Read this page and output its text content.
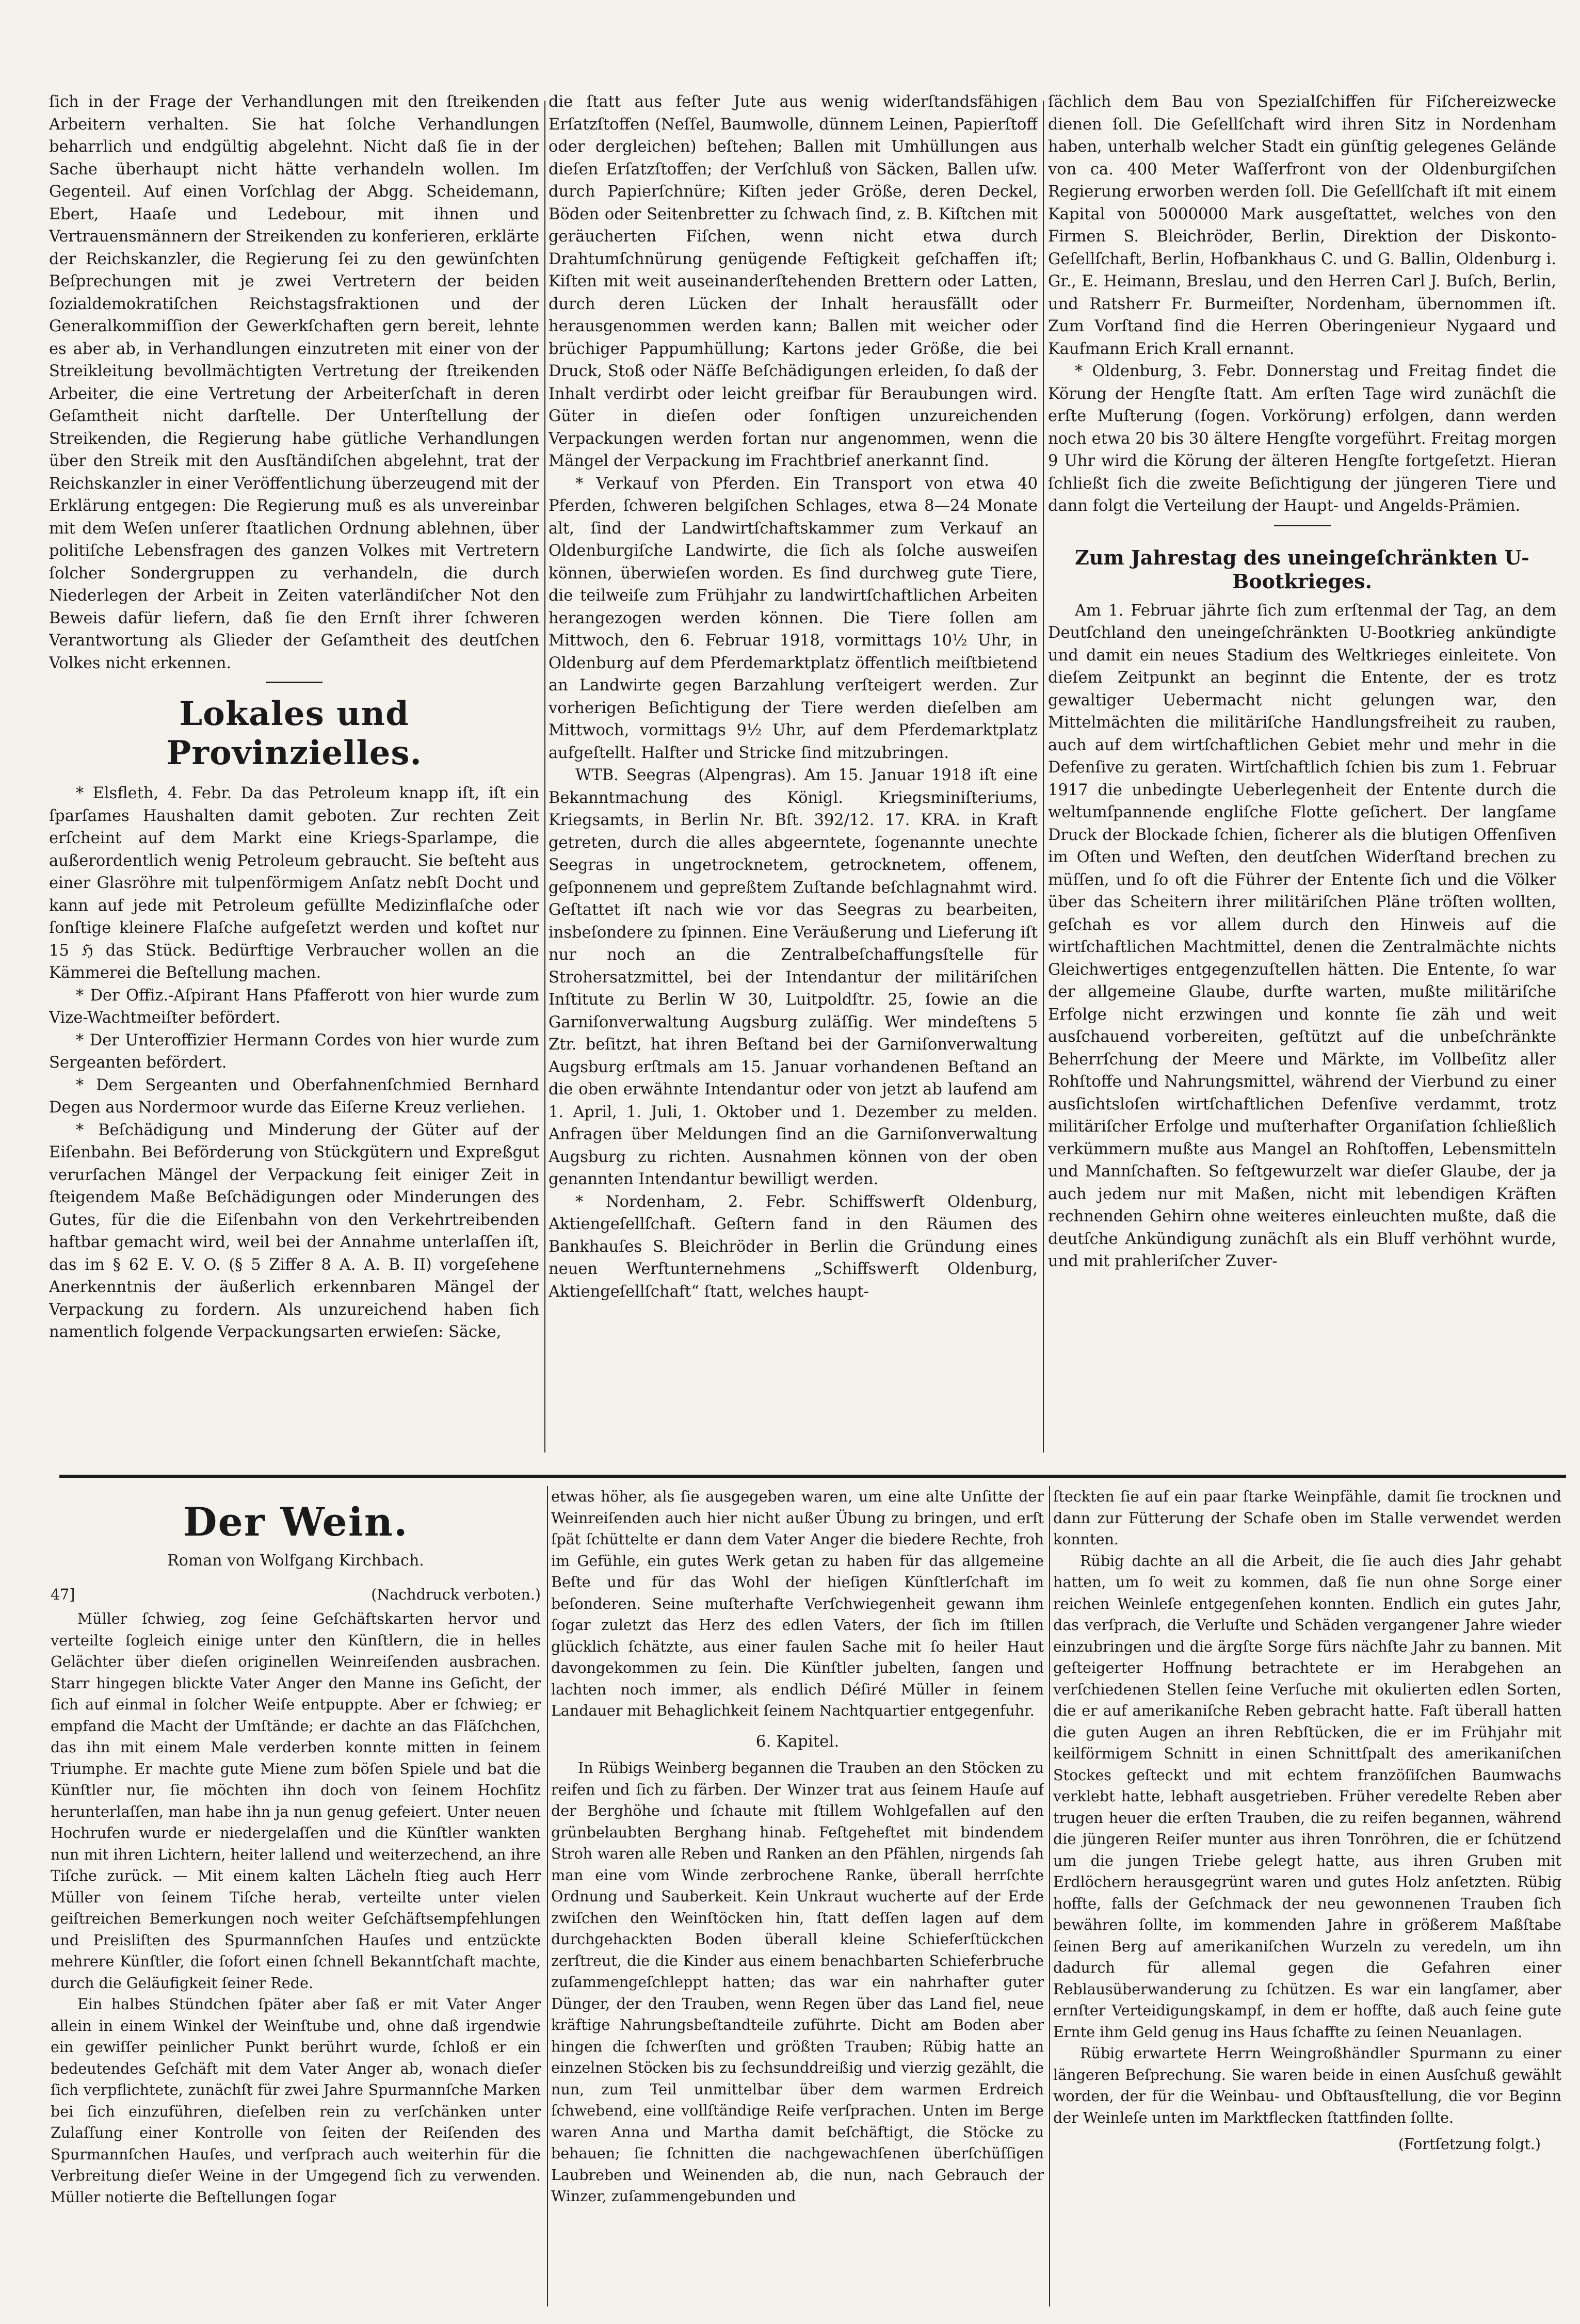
ſich in der Frage der Verhandlungen mit den ſtreikenden Arbeitern verhalten. Sie hat ſolche Verhandlungen beharrlich und endgültig abgelehnt. Nicht daß ſie in der Sache überhaupt nicht hätte verhandeln wollen. Im Gegenteil. Auf einen Vorſchlag der Abgg. Scheidemann, Ebert, Haaſe und Ledebour, mit ihnen und Vertrauensmännern der Streikenden zu konferieren, erklärte der Reichskanzler, die Regierung ſei zu den gewünſchten Beſprechungen mit je zwei Vertretern der beiden ſozialdemokratiſchen Reichstagsfraktionen und der Generalkommiſſion der Gewerkſchaften gern bereit, lehnte es aber ab, in Verhandlungen einzutreten mit einer von der Streikleitung bevollmächtigten Vertretung der ſtreikenden Arbeiter, die eine Vertretung der Arbeiterſchaft in deren Geſamtheit nicht darſtelle. Der Unterſtellung der Streikenden, die Regierung habe gütliche Verhandlungen über den Streik mit den Ausſtändiſchen abgelehnt, trat der Reichskanzler in einer Veröffentlichung überzeugend mit der Erklärung entgegen: Die Regierung muß es als unvereinbar mit dem Weſen unſerer ſtaatlichen Ordnung ablehnen, über politiſche Lebensfragen des ganzen Volkes mit Vertretern ſolcher Sondergruppen zu verhandeln, die durch Niederlegen der Arbeit in Zeiten vaterländiſcher Not den Beweis dafür liefern, daß ſie den Ernſt ihrer ſchweren Verantwortung als Glieder der Geſamtheit des deutſchen Volkes nicht erkennen.

Lokales und Provinzielles.

* Elsfleth, 4. Febr. Da das Petroleum knapp iſt, iſt ein ſparſames Haushalten damit geboten. Zur rechten Zeit erſcheint auf dem Markt eine Kriegs-Sparlampe, die außerordentlich wenig Petroleum gebraucht. Sie beſteht aus einer Glasröhre mit tulpenförmigem Anſatz nebſt Docht und kann auf jede mit Petroleum gefüllte Medizinflaſche oder ſonſtige kleinere Flaſche aufgeſetzt werden und koſtet nur 15 ℌ das Stück. Bedürftige Verbraucher wollen an die Kämmerei die Beſtellung machen.

* Der Offiz.-Aſpirant Hans Pfafferott von hier wurde zum Vize-Wachtmeiſter befördert.

* Der Unteroffizier Hermann Cordes von hier wurde zum Sergeanten befördert.

* Dem Sergeanten und Oberfahnenſchmied Bernhard Degen aus Nordermoor wurde das Eiſerne Kreuz verliehen.

* Beſchädigung und Minderung der Güter auf der Eiſenbahn. Bei Beförderung von Stückgütern und Expreßgut verurſachen Mängel der Verpackung ſeit einiger Zeit in ſteigendem Maße Beſchädigungen oder Minderungen des Gutes, für die die Eiſenbahn von den Verkehrtreibenden haftbar gemacht wird, weil bei der Annahme unterlaſſen iſt, das im § 62 E. V. O. (§ 5 Ziffer 8 A. A. B. II) vorgeſehene Anerkenntnis der äußerlich erkennbaren Mängel der Verpackung zu fordern. Als unzureichend haben ſich namentlich folgende Verpackungsarten erwieſen: Säcke,

die ſtatt aus feſter Jute aus wenig widerſtandsfähigen Erſatzſtoffen (Neſſel, Baumwolle, dünnem Leinen, Papierſtoff oder dergleichen) beſtehen; Ballen mit Umhüllungen aus dieſen Erſatzſtoffen; der Verſchluß von Säcken, Ballen uſw. durch Papierſchnüre; Kiſten jeder Größe, deren Deckel, Böden oder Seitenbretter zu ſchwach ſind, z. B. Kiſtchen mit geräucherten Fiſchen, wenn nicht etwa durch Drahtumſchnürung genügende Feſtigkeit geſchaffen iſt; Kiſten mit weit auseinanderſtehenden Brettern oder Latten, durch deren Lücken der Inhalt herausfällt oder herausgenommen werden kann; Ballen mit weicher oder brüchiger Pappumhüllung; Kartons jeder Größe, die bei Druck, Stoß oder Näſſe Beſchädigungen erleiden, ſo daß der Inhalt verdirbt oder leicht greifbar für Beraubungen wird. Güter in dieſen oder ſonſtigen unzureichenden Verpackungen werden fortan nur angenommen, wenn die Mängel der Verpackung im Frachtbrief anerkannt ſind.

* Verkauf von Pferden. Ein Transport von etwa 40 Pferden, ſchweren belgiſchen Schlages, etwa 8—24 Monate alt, ſind der Landwirtſchaftskammer zum Verkauf an Oldenburgiſche Landwirte, die ſich als ſolche ausweiſen können, überwieſen worden. Es ſind durchweg gute Tiere, die teilweiſe zum Frühjahr zu landwirtſchaftlichen Arbeiten herangezogen werden können. Die Tiere ſollen am Mittwoch, den 6. Februar 1918, vormittags 10½ Uhr, in Oldenburg auf dem Pferdemarktplatz öffentlich meiſtbietend an Landwirte gegen Barzahlung verſteigert werden. Zur vorherigen Beſichtigung der Tiere werden dieſelben am Mittwoch, vormittags 9½ Uhr, auf dem Pferdemarktplatz aufgeſtellt. Halfter und Stricke ſind mitzubringen.

WTB. Seegras (Alpengras). Am 15. Januar 1918 iſt eine Bekanntmachung des Königl. Kriegsminiſteriums, Kriegsamts, in Berlin Nr. Bſt. 392/12. 17. KRA. in Kraft getreten, durch die alles abgeerntete, ſogenannte unechte Seegras in ungetrocknetem, getrocknetem, offenem, geſponnenem und gepreßtem Zuſtande beſchlagnahmt wird. Geſtattet iſt nach wie vor das Seegras zu bearbeiten, insbeſondere zu ſpinnen. Eine Veräußerung und Lieferung iſt nur noch an die Zentralbeſchaffungsſtelle für Strohersatzmittel, bei der Intendantur der militäriſchen Inſtitute zu Berlin W 30, Luitpoldſtr. 25, ſowie an die Garniſonverwaltung Augsburg zuläſſig. Wer mindeſtens 5 Ztr. beſitzt, hat ihren Beſtand bei der Garniſonverwaltung Augsburg erſtmals am 15. Januar vorhandenen Beſtand an die oben erwähnte Intendantur oder von jetzt ab laufend am 1. April, 1. Juli, 1. Oktober und 1. Dezember zu melden. Anfragen über Meldungen ſind an die Garniſonverwaltung Augsburg zu richten. Ausnahmen können von der oben genannten Intendantur bewilligt werden.

* Nordenham, 2. Febr. Schiffswerft Oldenburg, Aktiengeſellſchaft. Geſtern fand in den Räumen des Bankhauſes S. Bleichröder in Berlin die Gründung eines neuen Werftunternehmens „Schiffswerft Oldenburg, Aktiengeſellſchaft“ ſtatt, welches haupt-

ſächlich dem Bau von Spezialſchiffen für Fiſchereizwecke dienen ſoll. Die Geſellſchaft wird ihren Sitz in Nordenham haben, unterhalb welcher Stadt ein günſtig gelegenes Gelände von ca. 400 Meter Waſſerfront von der Oldenburgiſchen Regierung erworben werden ſoll. Die Geſellſchaft iſt mit einem Kapital von 5000000 Mark ausgeſtattet, welches von den Firmen S. Bleichröder, Berlin, Direktion der Diskonto-Geſellſchaft, Berlin, Hofbankhaus C. und G. Ballin, Oldenburg i. Gr., E. Heimann, Breslau, und den Herren Carl J. Buſch, Berlin, und Ratsherr Fr. Burmeiſter, Nordenham, übernommen iſt. Zum Vorſtand ſind die Herren Oberingenieur Nygaard und Kaufmann Erich Krall ernannt.

* Oldenburg, 3. Febr. Donnerstag und Freitag findet die Körung der Hengſte ſtatt. Am erſten Tage wird zunächſt die erſte Muſterung (ſogen. Vorkörung) erfolgen, dann werden noch etwa 20 bis 30 ältere Hengſte vorgeführt. Freitag morgen 9 Uhr wird die Körung der älteren Hengſte fortgeſetzt. Hieran ſchließt ſich die zweite Beſichtigung der jüngeren Tiere und dann folgt die Verteilung der Haupt- und Angelds-Prämien.

Zum Jahrestag des uneingeſchränkten U-Bootkrieges.

Am 1. Februar jährte ſich zum erſtenmal der Tag, an dem Deutſchland den uneingeſchränkten U-Bootkrieg ankündigte und damit ein neues Stadium des Weltkrieges einleitete. Von dieſem Zeitpunkt an beginnt die Entente, der es trotz gewaltiger Uebermacht nicht gelungen war, den Mittelmächten die militäriſche Handlungsfreiheit zu rauben, auch auf dem wirtſchaftlichen Gebiet mehr und mehr in die Defenſive zu geraten. Wirtſchaftlich ſchien bis zum 1. Februar 1917 die unbedingte Ueberlegenheit der Entente durch die weltumſpannende engliſche Flotte geſichert. Der langſame Druck der Blockade ſchien, ſicherer als die blutigen Offenſiven im Oſten und Weſten, den deutſchen Widerſtand brechen zu müſſen, und ſo oft die Führer der Entente ſich und die Völker über das Scheitern ihrer militäriſchen Pläne tröſten wollten, geſchah es vor allem durch den Hinweis auf die wirtſchaftlichen Machtmittel, denen die Zentralmächte nichts Gleichwertiges entgegenzuſtellen hätten. Die Entente, ſo war der allgemeine Glaube, durfte warten, mußte militäriſche Erfolge nicht erzwingen und konnte ſie zäh und weit ausſchauend vorbereiten, geſtützt auf die unbeſchränkte Beherrſchung der Meere und Märkte, im Vollbeſitz aller Rohſtoffe und Nahrungsmittel, während der Vierbund zu einer ausſichtsloſen wirtſchaftlichen Defenſive verdammt, trotz militäriſcher Erfolge und muſterhafter Organiſation ſchließlich verkümmern mußte aus Mangel an Rohſtoffen, Lebensmitteln und Mannſchaften. So feſtgewurzelt war dieſer Glaube, der ja auch jedem nur mit Maßen, nicht mit lebendigen Kräften rechnenden Gehirn ohne weiteres einleuchten mußte, daß die deutſche Ankündigung zunächſt als ein Bluff verhöhnt wurde, und mit prahleriſcher Zuver-

Der Wein.
Roman von Wolfgang Kirchbach.
47]	(Nachdruck verboten.)

Müller ſchwieg, zog ſeine Geſchäftskarten hervor und verteilte ſogleich einige unter den Künſtlern, die in helles Gelächter über dieſen originellen Weinreiſenden ausbrachen. Starr hingegen blickte Vater Anger den Manne ins Geſicht, der ſich auf einmal in ſolcher Weiſe entpuppte. Aber er ſchwieg; er empfand die Macht der Umſtände; er dachte an das Fläſchchen, das ihn mit einem Male verderben konnte mitten in ſeinem Triumphe. Er machte gute Miene zum böſen Spiele und bat die Künſtler nur, ſie möchten ihn doch von ſeinem Hochſitz herunterlaſſen, man habe ihn ja nun genug gefeiert. Unter neuen Hochrufen wurde er niedergelaſſen und die Künſtler wankten nun mit ihren Lichtern, heiter lallend und weiterzechend, an ihre Tiſche zurück. — Mit einem kalten Lächeln ſtieg auch Herr Müller von ſeinem Tiſche herab, verteilte unter vielen geiſtreichen Bemerkungen noch weiter Geſchäftsempfehlungen und Preisliſten des Spurmannſchen Hauſes und entzückte mehrere Künſtler, die ſofort einen ſchnell Bekanntſchaft machte, durch die Geläufigkeit ſeiner Rede.

Ein halbes Stündchen ſpäter aber ſaß er mit Vater Anger allein in einem Winkel der Weinſtube und, ohne daß irgendwie ein gewiſſer peinlicher Punkt berührt wurde, ſchloß er ein bedeutendes Geſchäft mit dem Vater Anger ab, wonach dieſer ſich verpflichtete, zunächſt für zwei Jahre Spurmannſche Marken bei ſich einzuführen, dieſelben rein zu verſchänken unter Zulaſſung einer Kontrolle von ſeiten der Reiſenden des Spurmannſchen Hauſes, und verſprach auch weiterhin für die Verbreitung dieſer Weine in der Umgegend ſich zu verwenden. Müller notierte die Beſtellungen ſogar

etwas höher, als ſie ausgegeben waren, um eine alte Unſitte der Weinreiſenden auch hier nicht außer Übung zu bringen, und erſt ſpät ſchüttelte er dann dem Vater Anger die biedere Rechte, froh im Gefühle, ein gutes Werk getan zu haben für das allgemeine Beſte und für das Wohl der hieſigen Künſtlerſchaft im beſonderen. Seine muſterhafte Verſchwiegenheit gewann ihm ſogar zuletzt das Herz des edlen Vaters, der ſich im ſtillen glücklich ſchätzte, aus einer faulen Sache mit ſo heiler Haut davongekommen zu ſein. Die Künſtler jubelten, ſangen und lachten noch immer, als endlich Déſiré Müller in ſeinem Landauer mit Behaglichkeit ſeinem Nachtquartier entgegenfuhr.

6. Kapitel.

In Rübigs Weinberg begannen die Trauben an den Stöcken zu reifen und ſich zu färben. Der Winzer trat aus ſeinem Hauſe auf der Berghöhe und ſchaute mit ſtillem Wohlgefallen auf den grünbelaubten Berghang hinab. Feſtgeheftet mit bindendem Stroh waren alle Reben und Ranken an den Pfählen, nirgends ſah man eine vom Winde zerbrochene Ranke, überall herrſchte Ordnung und Sauberkeit. Kein Unkraut wucherte auf der Erde zwiſchen den Weinſtöcken hin, ſtatt deſſen lagen auf dem durchgehackten Boden überall kleine Schieferſtückchen zerſtreut, die die Kinder aus einem benachbarten Schieferbruche zuſammengeſchleppt hatten; das war ein nahrhafter guter Dünger, der den Trauben, wenn Regen über das Land fiel, neue kräftige Nahrungsbeſtandteile zuführte. Dicht am Boden aber hingen die ſchwerſten und größten Trauben; Rübig hatte an einzelnen Stöcken bis zu ſechsunddreißig und vierzig gezählt, die nun, zum Teil unmittelbar über dem warmen Erdreich ſchwebend, eine vollſtändige Reife verſprachen. Unten im Berge waren Anna und Martha damit beſchäftigt, die Stöcke zu behauen; ſie ſchnitten die nachgewachſenen überſchüſſigen Laubreben und Weinenden ab, die nun, nach Gebrauch der Winzer, zuſammengebunden und

ſteckten ſie auf ein paar ſtarke Weinpfähle, damit ſie trocknen und dann zur Fütterung der Schafe oben im Stalle verwendet werden konnten.

Rübig dachte an all die Arbeit, die ſie auch dies Jahr gehabt hatten, um ſo weit zu kommen, daß ſie nun ohne Sorge einer reichen Weinleſe entgegenſehen konnten. Endlich ein gutes Jahr, das verſprach, die Verluſte und Schäden vergangener Jahre wieder einzubringen und die ärgſte Sorge fürs nächſte Jahr zu bannen. Mit geſteigerter Hoffnung betrachtete er im Herabgehen an verſchiedenen Stellen ſeine Verſuche mit okulierten edlen Sorten, die er auf amerikaniſche Reben gebracht hatte. Faſt überall hatten die guten Augen an ihren Rebſtücken, die er im Frühjahr mit keilförmigem Schnitt in einen Schnittſpalt des amerikaniſchen Stockes geſteckt und mit echtem franzöſiſchen Baumwachs verklebt hatte, lebhaft ausgetrieben. Früher veredelte Reben aber trugen heuer die erſten Trauben, die zu reifen begannen, während die jüngeren Reiſer munter aus ihren Tonröhren, die er ſchützend um die jungen Triebe gelegt hatte, aus ihren Gruben mit Erdlöchern herausgegrünt waren und gutes Holz anſetzten. Rübig hoffte, falls der Geſchmack der neu gewonnenen Trauben ſich bewähren ſollte, im kommenden Jahre in größerem Maßſtabe ſeinen Berg auf amerikaniſchen Wurzeln zu veredeln, um ihn dadurch für allemal gegen die Gefahren einer Reblausüberwanderung zu ſchützen. Es war ein langſamer, aber ernſter Verteidigungskampf, in dem er hoffte, daß auch ſeine gute Ernte ihm Geld genug ins Haus ſchaffte zu ſeinen Neuanlagen.

Rübig erwartete Herrn Weingroßhändler Spurmann zu einer längeren Beſprechung. Sie waren beide in einen Ausſchuß gewählt worden, der für die Weinbau- und Obſtausſtellung, die vor Beginn der Weinleſe unten im Marktflecken ſtattfinden ſollte.

(Fortſetzung folgt.)
